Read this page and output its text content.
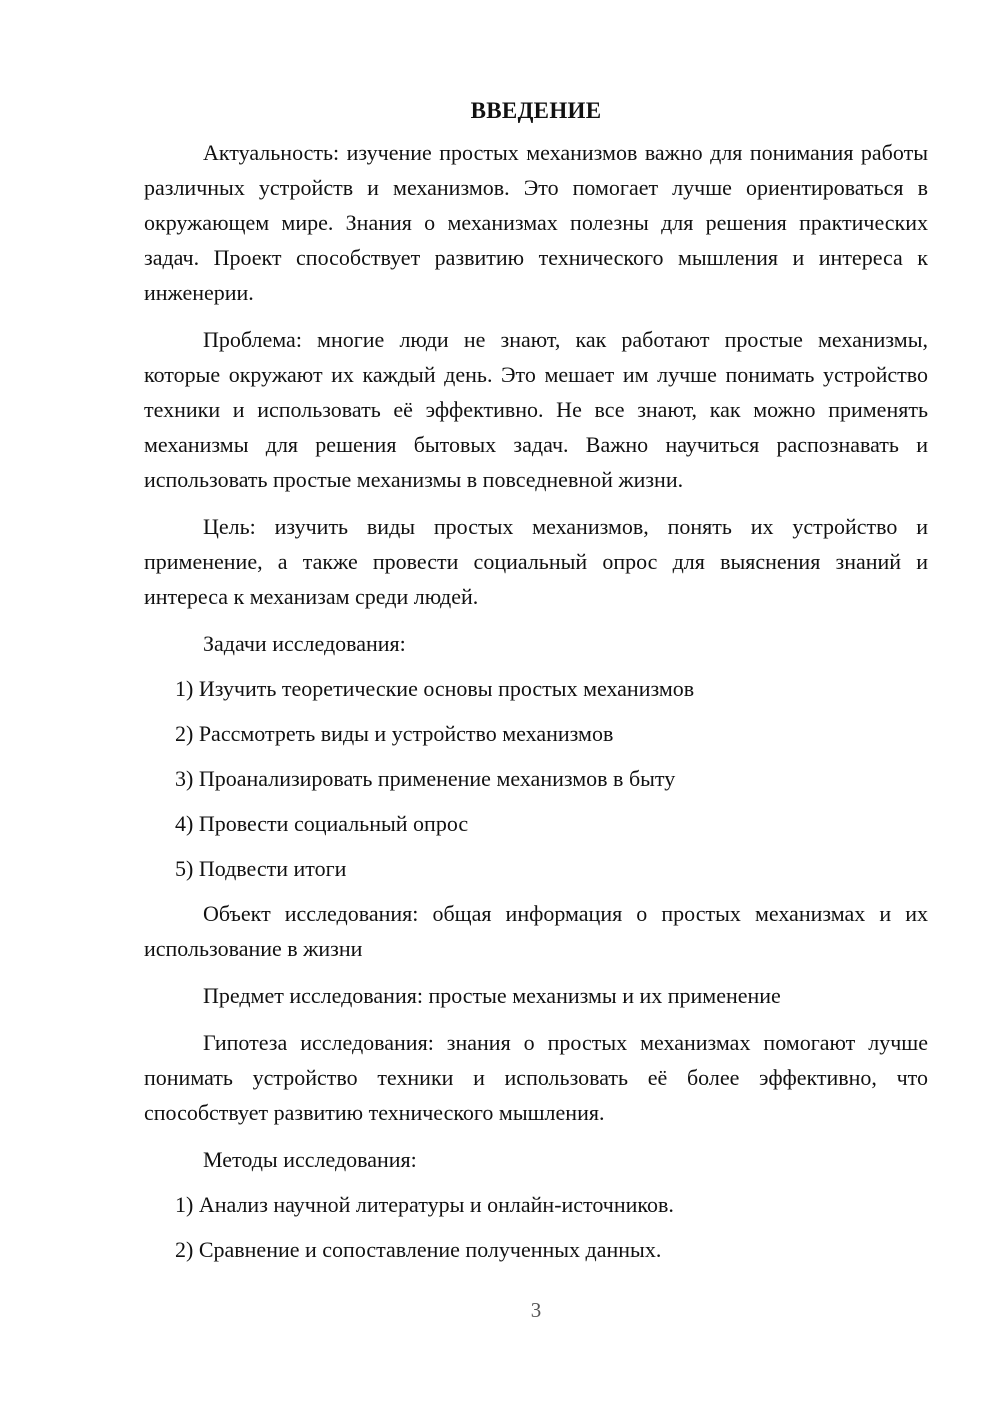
ВВЕДЕНИЕ

Актуальность: изучение простых механизмов важно для понимания работы различных устройств и механизмов. Это помогает лучше ориентироваться в окружающем мире. Знания о механизмах полезны для решения практических задач. Проект способствует развитию технического мышления и интереса к инженерии.

Проблема: многие люди не знают, как работают простые механизмы, которые окружают их каждый день. Это мешает им лучше понимать устройство техники и использовать её эффективно. Не все знают, как можно применять механизмы для решения бытовых задач. Важно научиться распознавать и использовать простые механизмы в повседневной жизни.

Цель: изучить виды простых механизмов, понять их устройство и применение, а также провести социальный опрос для выяснения знаний и интереса к механизам среди людей.

Задачи исследования:
1) Изучить теоретические основы простых механизмов
2) Рассмотреть виды и устройство механизмов
3) Проанализировать применение механизмов в быту
4) Провести социальный опрос
5) Подвести итоги

Объект исследования: общая информация о простых механизмах и их использование в жизни

Предмет исследования: простые механизмы и их применение

Гипотеза исследования: знания о простых механизмах помогают лучше понимать устройство техники и использовать её более эффективно, что способствует развитию технического мышления.

Методы исследования:
1) Анализ научной литературы и онлайн-источников.
2) Сравнение и сопоставление полученных данных.
3
